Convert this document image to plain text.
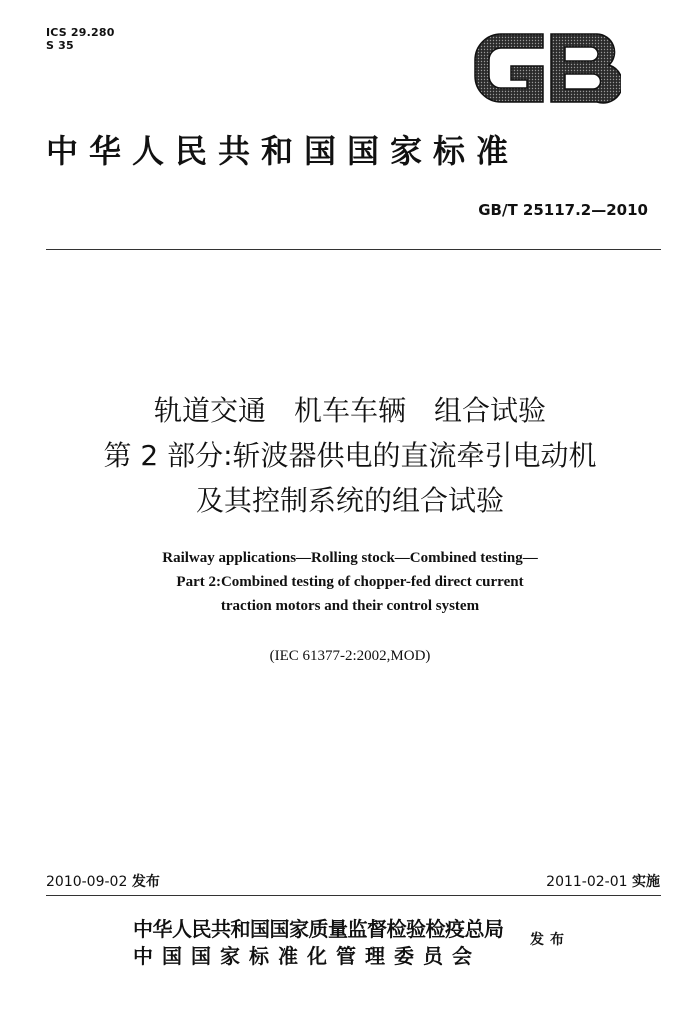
ICS 29.280
S 35
中华人民共和国国家标准
GB/T 25117.2—2010
轨道交通　机车车辆　组合试验
第 2 部分:斩波器供电的直流牵引电动机
及其控制系统的组合试验
Railway applications—Rolling stock—Combined testing—
Part 2:Combined testing of chopper-fed direct current
traction motors and their control system
(IEC 61377-2:2002,MOD)
2010-09-02 发布	2011-02-01 实施
中华人民共和国国家质量监督检验检疫总局
中国国家标准化管理委员会
发布
